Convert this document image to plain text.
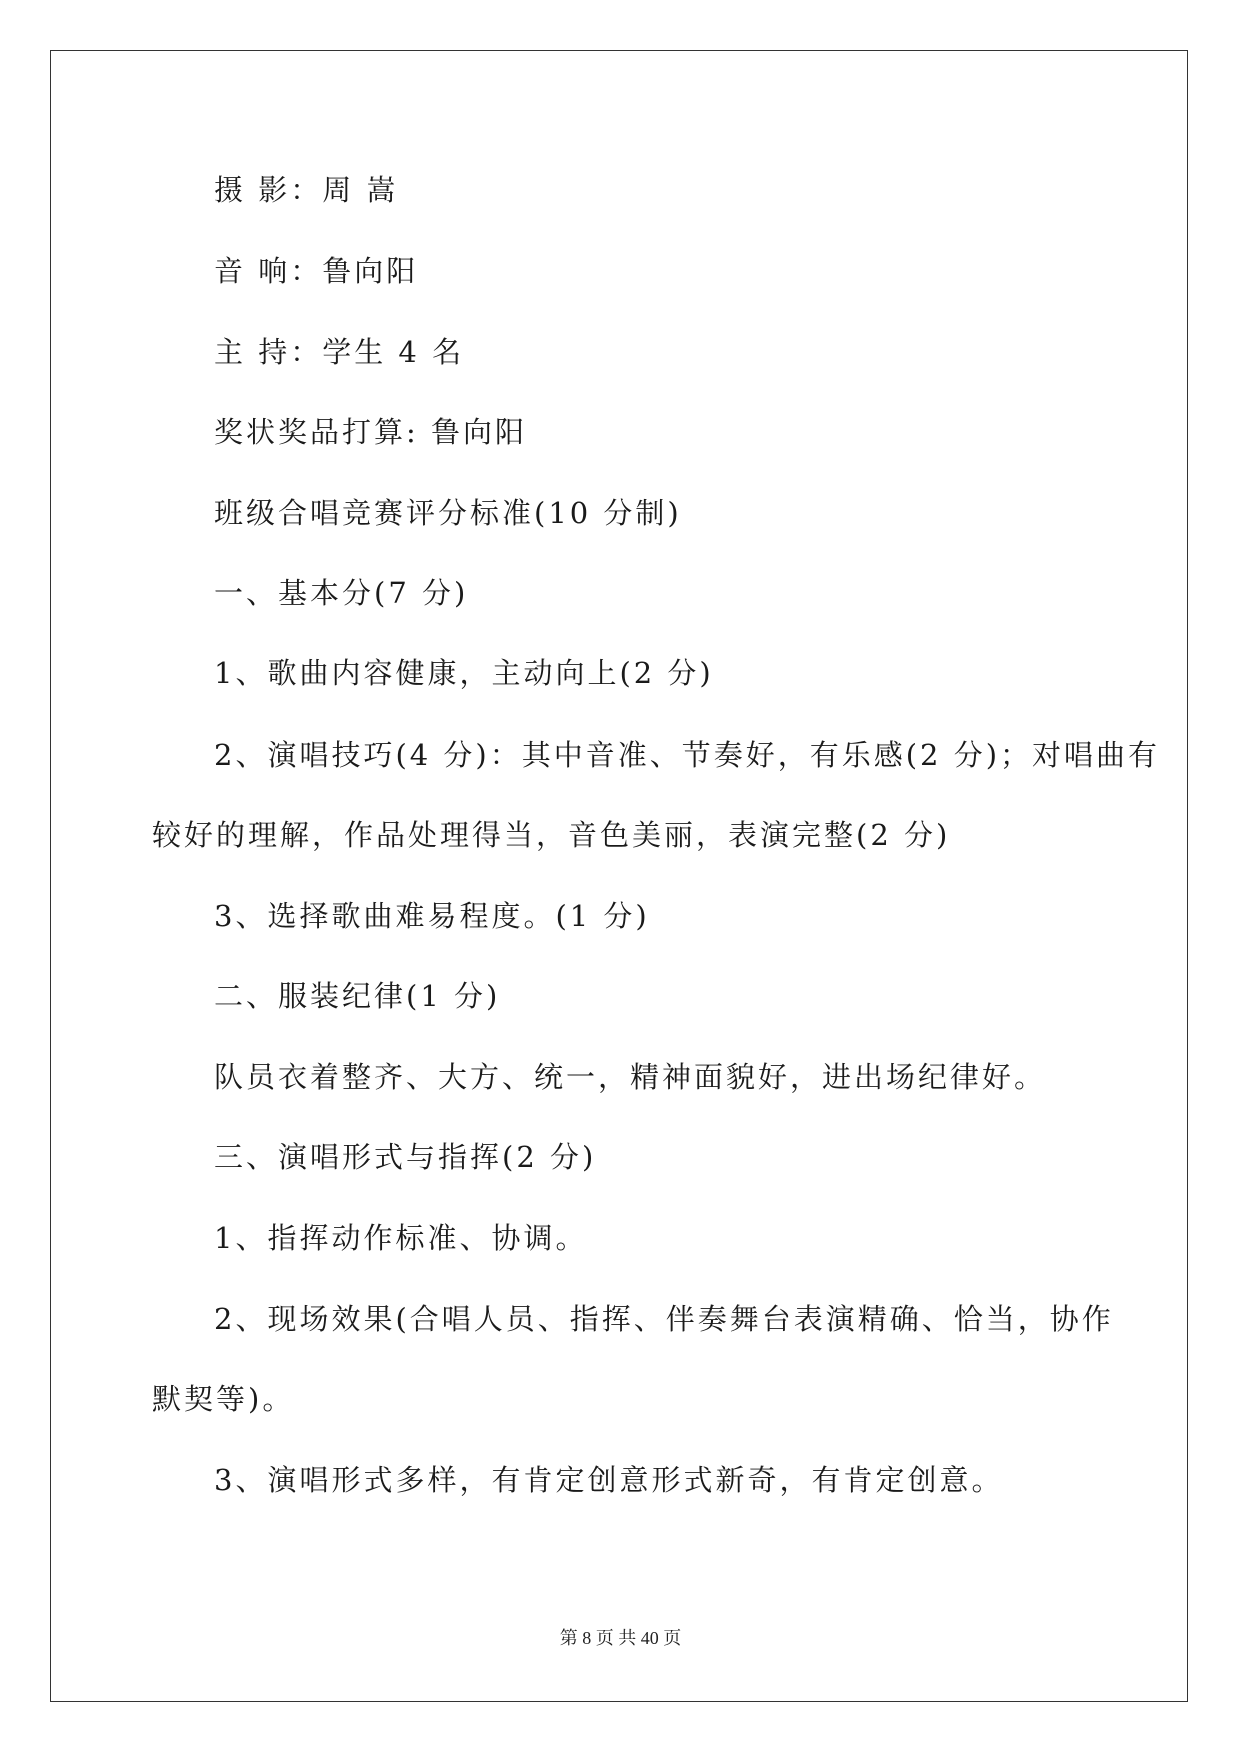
摄 影：周 嵩
音 响：鲁向阳
主 持：学生 4 名
奖状奖品打算: 鲁向阳
班级合唱竞赛评分标准(10 分制)
一、基本分(7 分)
1、歌曲内容健康，主动向上(2 分)
2、演唱技巧(4 分)：其中音准、节奏好，有乐感(2 分)；对唱曲有
较好的理解，作品处理得当，音色美丽，表演完整(2 分)
3、选择歌曲难易程度。(1 分)
二、服装纪律(1 分)
队员衣着整齐、大方、统一，精神面貌好，进出场纪律好。
三、演唱形式与指挥(2 分)
1、指挥动作标准、协调。
2、现场效果(合唱人员、指挥、伴奏舞台表演精确、恰当，协作
默契等)。
3、演唱形式多样，有肯定创意形式新奇，有肯定创意。
第 8 页 共 40 页
